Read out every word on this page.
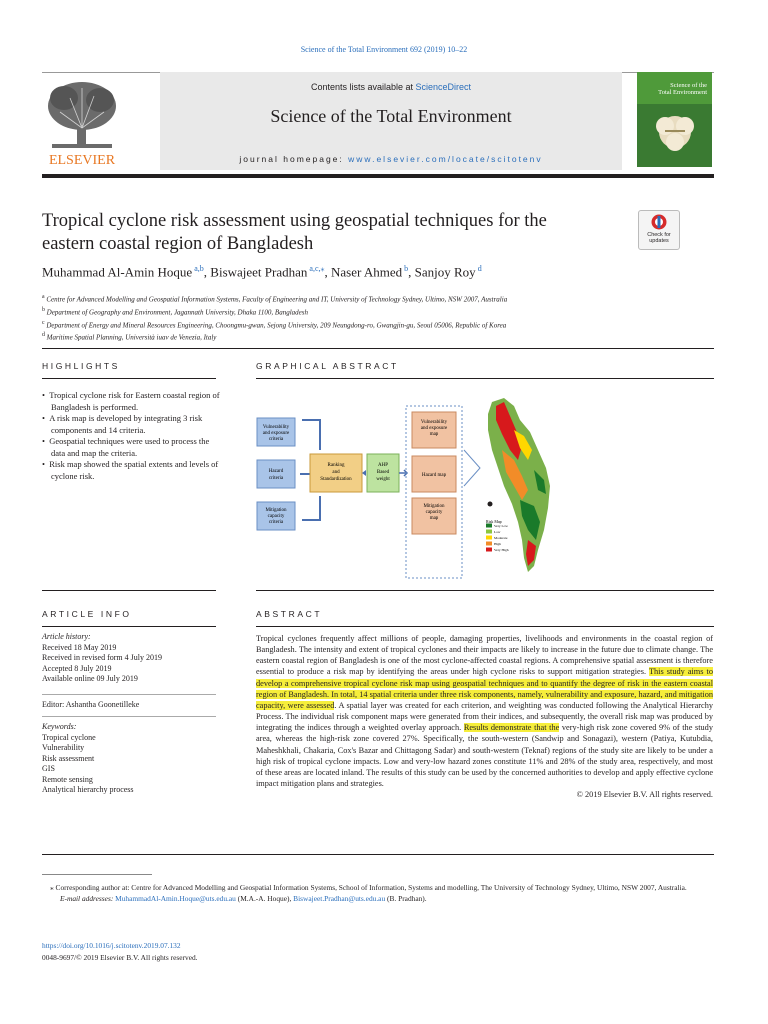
Science of the Total Environment 692 (2019) 10–22
ELSEVIER
Contents lists available at ScienceDirect
Science of the Total Environment
journal homepage: www.elsevier.com/locate/scitotenv
Science of the
Total Environment
Tropical cyclone risk assessment using geospatial techniques for the
eastern coastal region of Bangladesh	Check for
updates
Muhammad Al-Amin Hoque $^{a,b}$, Biswajeet Pradhan $^{a,c,⁎}$, Naser Ahmed $^b$, Sanjoy Roy $^d$
$^a$ Centre for Advanced Modelling and Geospatial Information Systems, Faculty of Engineering and IT, University of Technology Sydney, Ultimo, NSW 2007, Australia
$^b$ Department of Geography and Environment, Jagannath University, Dhaka 1100, Bangladesh
$^c$ Department of Energy and Mineral Resources Engineering, Choongmu-gwan, Sejong University, 209 Neungdong-ro, Gwangjin-gu, Seoul 05006, Republic of Korea
$^d$ Maritime Spatial Planning, Università iuav de Venezia, Italy
HIGHLIGHTS
•  Tropical cyclone risk for Eastern coastal region of Bangladesh is performed.
•  A risk map is developed by integrating 3 risk components and 14 criteria.
•  Geospatial techniques were used to process the data and map the criteria.
•  Risk map showed the spatial extents and levels of cyclone risk.
GRAPHICAL ABSTRACT
Vulnerability
and exposure
criteria
Hazard
criteria
Mitigation
capacity
criteria
Ranking
and
Standardization
AHP
Based
weight
Vulnerability
and exposure
map
Hazard map
Mitigation
capacity
map
Risk Map
Very Low
Low
Moderate
High
Very High
ARTICLE INFO
Article history:
Received 18 May 2019
Received in revised form 4 July 2019
Accepted 8 July 2019
Available online 09 July 2019
Editor: Ashantha Goonetilleke
Keywords:
Tropical cyclone
Vulnerability
Risk assessment
GIS
Remote sensing
Analytical hierarchy process
ABSTRACT
Tropical cyclones frequently affect millions of people, damaging properties, livelihoods and environments in the coastal region of Bangladesh. The intensity and extent of tropical cyclones and their impacts are likely to increase in the future due to climate change. The eastern coastal region of Bangladesh is one of the most cyclone-affected coastal regions. A comprehensive spatial assessment is therefore essential to produce a risk map by identifying the areas under high cyclone risks to support mitigation strategies. This study aims to develop a comprehensive tropical cyclone risk map using geospatial techniques and to quantify the degree of risk in the eastern coastal region of Bangladesh. In total, 14 spatial criteria under three risk components, namely, vulnerability and exposure, hazard, and mitigation capacity, were assessed. A spatial layer was created for each criterion, and weighting was conducted following the Analytical Hierarchy Process. The individual risk component maps were generated from their indices, and subsequently, the overall risk map was produced by integrating the indices through a weighted overlay approach. Results demonstrate that the very-high risk zone covered 9% of the study area, whereas the high-risk zone covered 27%. Specifically, the south-western (Sandwip and Sonagazi), western (Patiya, Kutubdia, Maheshkhali, Chakaria, Cox's Bazar and Chittagong Sadar) and south-western (Teknaf) regions of the study site are likely to be under a high risk of tropical cyclone impacts. Low and very-low hazard zones constitute 11% and 28% of the study area, respectively, and most of these areas are located inland. The results of this study can be used by the concerned authorities to develop and apply effective cyclone impact mitigation plans and strategies.
© 2019 Elsevier B.V. All rights reserved.
⁎ Corresponding author at: Centre for Advanced Modelling and Geospatial Information Systems, School of Information, Systems and modelling, The University of Technology Sydney, Ultimo, NSW 2007, Australia.
E-mail addresses: MuhammadAl-Amin.Hoque@uts.edu.au (M.A.-A. Hoque), Biswajeet.Pradhan@uts.edu.au (B. Pradhan).
https://doi.org/10.1016/j.scitotenv.2019.07.132
0048-9697/© 2019 Elsevier B.V. All rights reserved.
